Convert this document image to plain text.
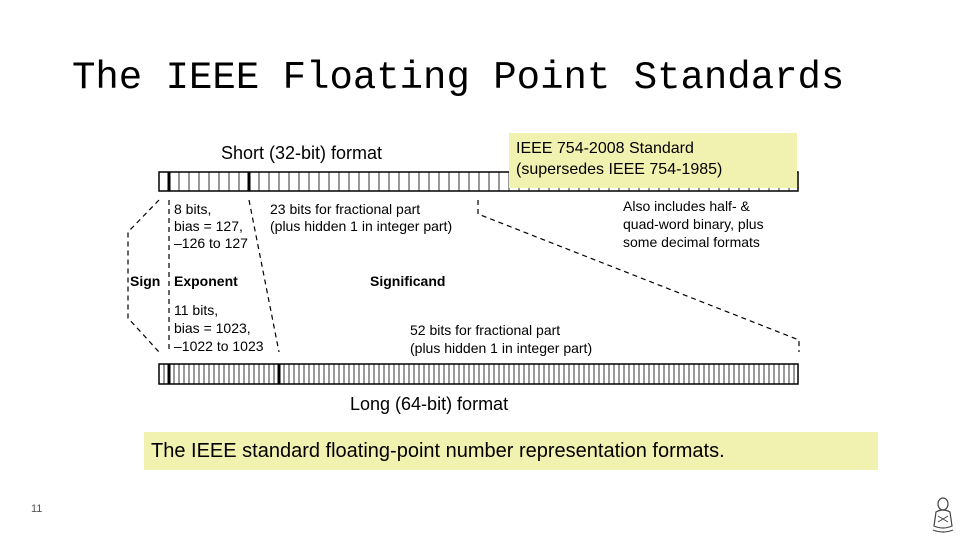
The IEEE Floating Point Standards
Short (32-bit) format
8 bits,
bias = 127,
–126 to 127
23 bits for fractional part
(plus hidden 1 in integer part)
Sign Exponent	Significand
11 bits,
bias = 1023,
–1022 to 1023
52 bits for fractional part
(plus hidden 1 in integer part)
Long (64-bit) format
IEEE 754-2008 Standard
(supersedes IEEE 754-1985)
Also includes half- &
quad-word binary, plus
some decimal formats
The IEEE standard floating-point number representation formats.
11
